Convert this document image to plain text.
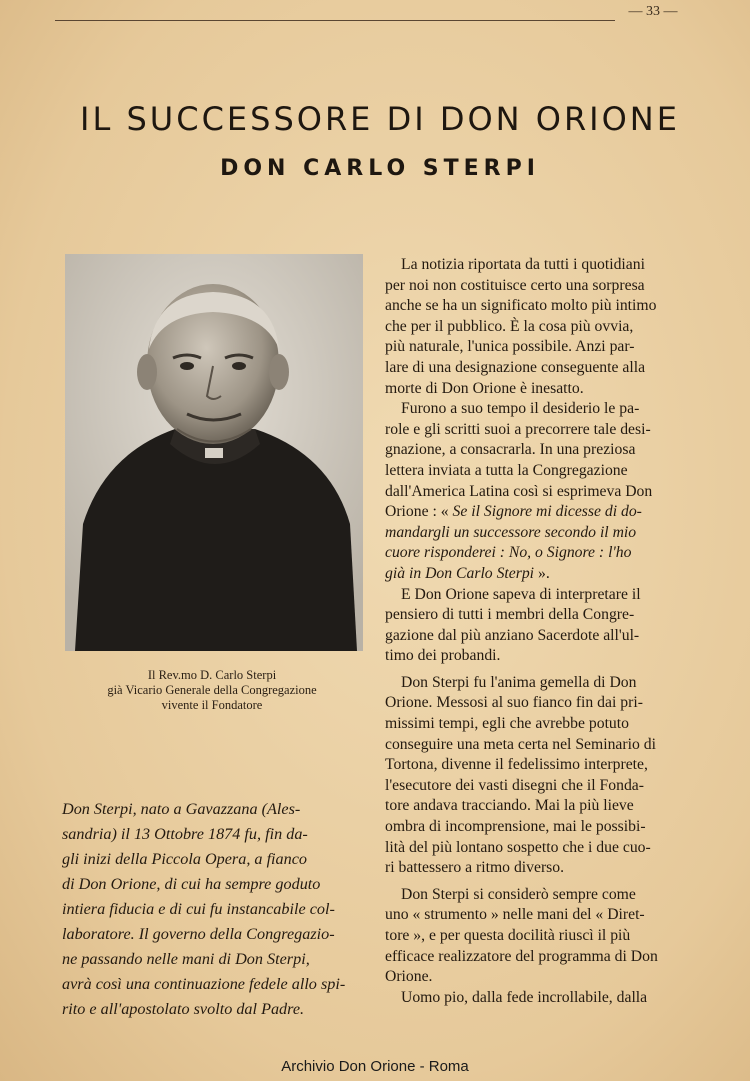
— 33 —
IL SUCCESSORE DI DON ORIONE
DON CARLO STERPI
Il Rev.mo D. Carlo Sterpi
già Vicario Generale della Congregazione
vivente il Fondatore
Don Sterpi, nato a Gavazzana (Ales-
sandria) il 13 Ottobre 1874 fu, fin da-
gli inizi della Piccola Opera, a fianco
di Don Orione, di cui ha sempre goduto
intiera fiducia e di cui fu instancabile col-
laboratore. Il governo della Congregazio-
ne passando nelle mani di Don Sterpi,
avrà così una continuazione fedele allo spi-
rito e all'apostolato svolto dal Padre.
La notizia riportata da tutti i quotidiani
per noi non costituisce certo una sorpresa
anche se ha un significato molto più intimo
che per il pubblico. È la cosa più ovvia,
più naturale, l'unica possibile. Anzi par-
lare di una designazione conseguente alla
morte di Don Orione è inesatto.
Furono a suo tempo il desiderio le pa-
role e gli scritti suoi a precorrere tale desi-
gnazione, a consacrarla. In una preziosa
lettera inviata a tutta la Congregazione
dall'America Latina così si esprimeva Don
Orione : « Se il Signore mi dicesse di do-
mandargli un successore secondo il mio
cuore risponderei : No, o Signore : l'ho
già in Don Carlo Sterpi ».
E Don Orione sapeva di interpretare il
pensiero di tutti i membri della Congre-
gazione dal più anziano Sacerdote all'ul-
timo dei probandi.
Don Sterpi fu l'anima gemella di Don
Orione. Messosi al suo fianco fin dai pri-
missimi tempi, egli che avrebbe potuto
conseguire una meta certa nel Seminario di
Tortona, divenne il fedelissimo interprete,
l'esecutore dei vasti disegni che il Fonda-
tore andava tracciando. Mai la più lieve
ombra di incomprensione, mai le possibi-
lità del più lontano sospetto che i due cuo-
ri battessero a ritmo diverso.
Don Sterpi si considerò sempre come
uno « strumento » nelle mani del « Diret-
tore », e per questa docilità riuscì il più
efficace realizzatore del programma di Don
Orione.
Uomo pio, dalla fede incrollabile, dalla
Archivio Don Orione - Roma
